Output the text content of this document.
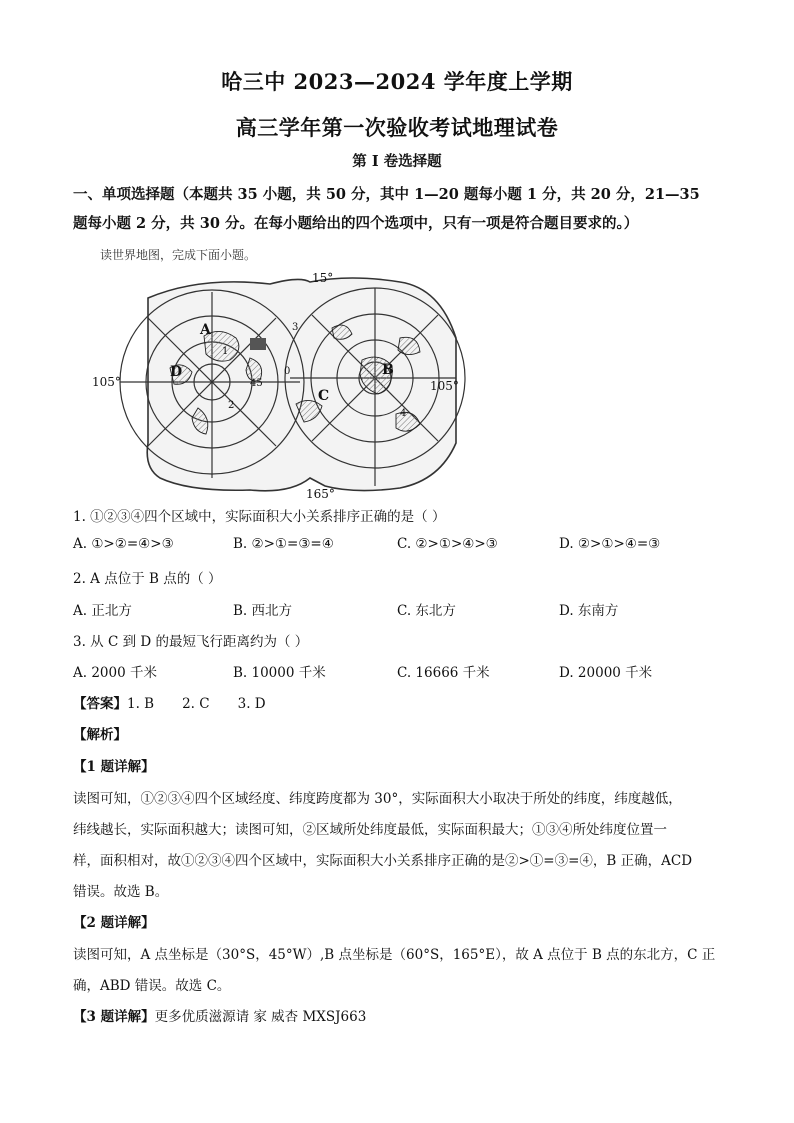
哈三中 2023—2024 学年度上学期
高三学年第一次验收考试地理试卷
第 I 卷选择题
一、单项选择题（本题共 35 小题，共 50 分，其中 1—20 题每小题 1 分，共 20 分，21—35
题每小题 2 分，共 30 分。在每小题给出的四个选项中，只有一项是符合题目要求的。）
读世界地图，完成下面小题。
15°
105°	105°
165°
A
D	B
C
1
2
3
4
45
0
1. ①②③④四个区域中，实际面积大小关系排序正确的是（ ）
A. ①>②=④>③	B. ②>①=③=④	C. ②>①>④>③	D. ②>①>④=③
2. A 点位于 B 点的（ ）
A. 正北方	B. 西北方	C. 东北方	D. 东南方
3. 从 C 到 D 的最短飞行距离约为（ ）
A. 2000 千米	B. 10000 千米	C. 16666 千米	D. 20000 千米
【答案】1. B 2. C 3. D
【解析】
【1 题详解】
读图可知，①②③④四个区域经度、纬度跨度都为 30°，实际面积大小取决于所处的纬度，纬度越低，
纬线越长，实际面积越大；读图可知，②区域所处纬度最低，实际面积最大；①③④所处纬度位置一
样，面积相对，故①②③④四个区域中，实际面积大小关系排序正确的是②>①=③=④，B 正确，ACD
错误。故选 B。
【2 题详解】
读图可知，A 点坐标是（30°S，45°W）,B 点坐标是（60°S，165°E），故 A 点位于 B 点的东北方，C 正
确，ABD 错误。故选 C。
【3 题详解】更多优质滋源请 家 威杏 MXSJ663
